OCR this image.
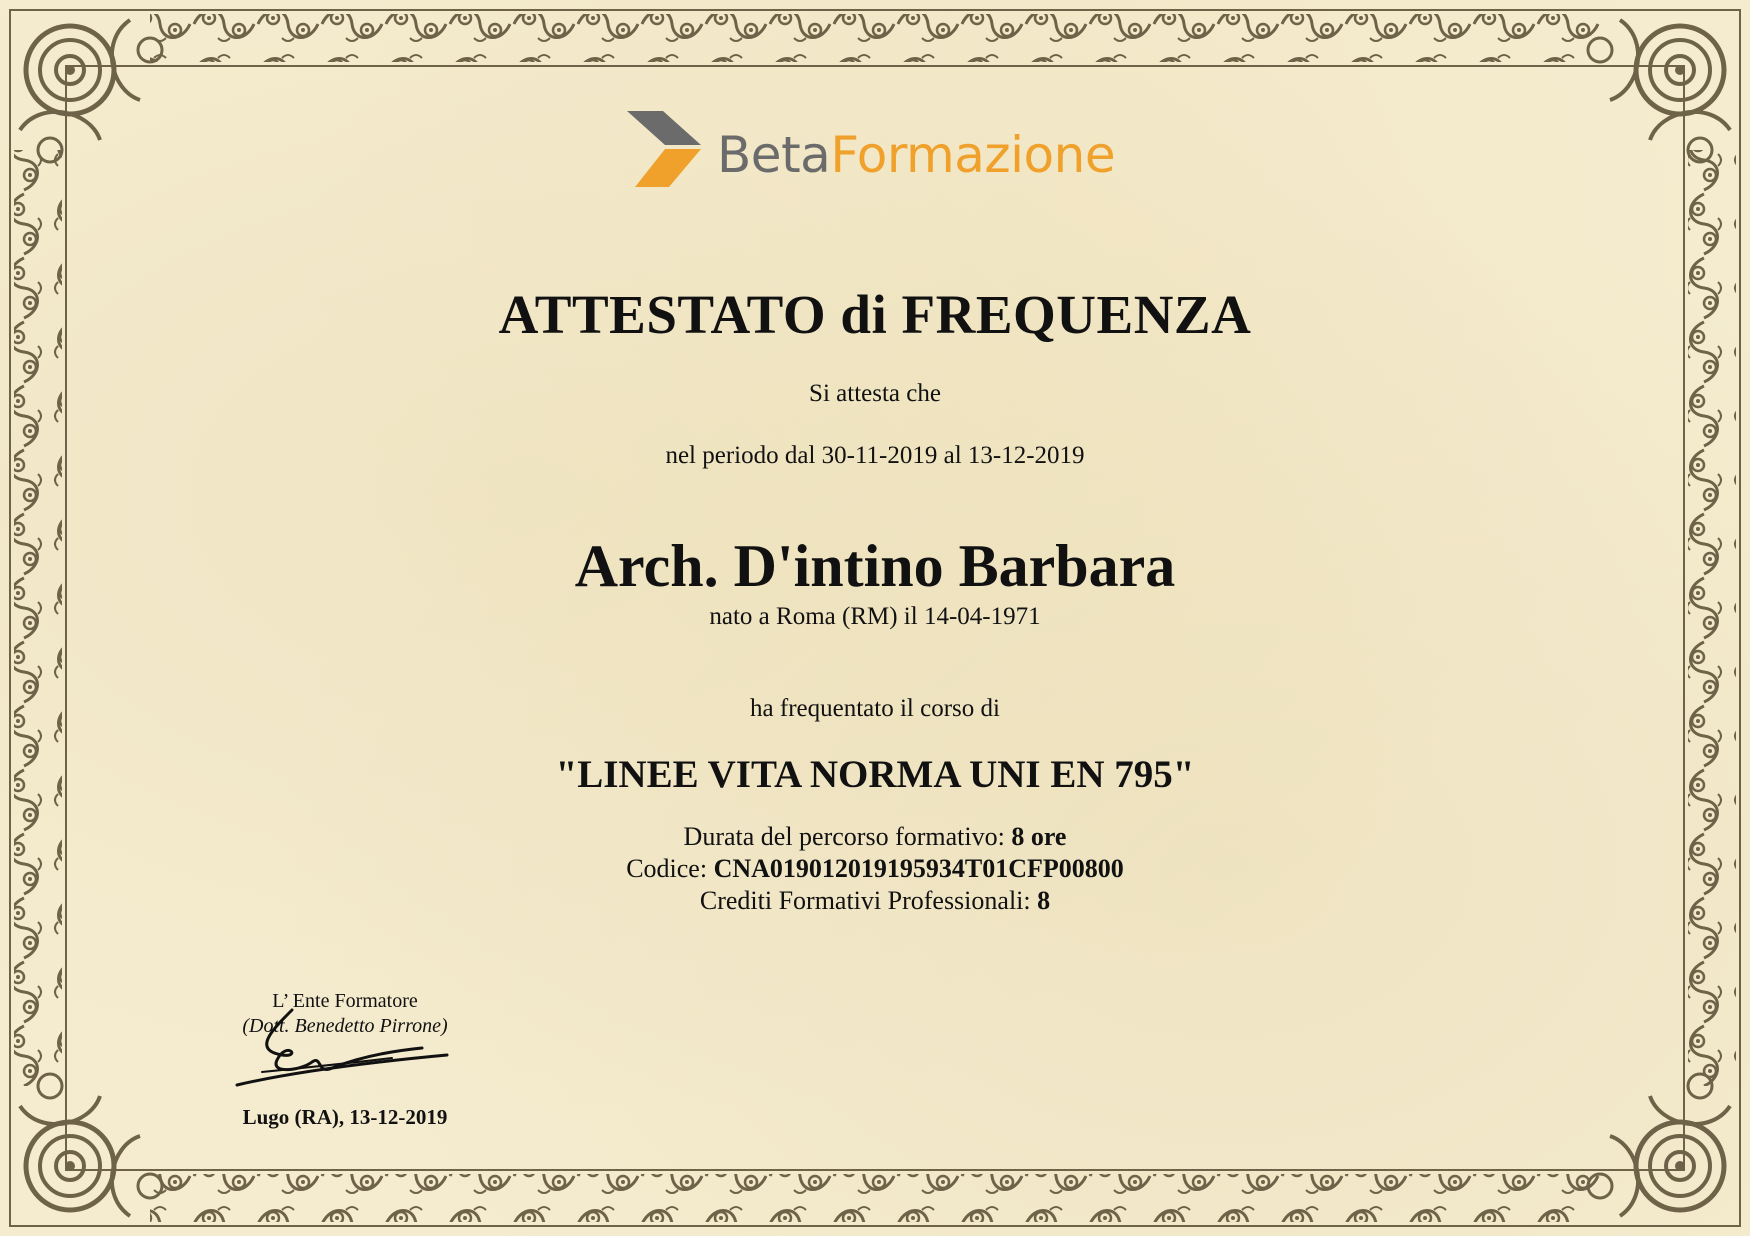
BetaFormazione
ATTESTATO di FREQUENZA
Si attesta che
nel periodo dal 30-11-2019 al 13-12-2019
Arch. D'intino Barbara
nato a Roma (RM) il 14-04-1971
ha frequentato il corso di
"LINEE VITA NORMA UNI EN 795"
Durata del percorso formativo: 8 ore
Codice: CNA019012019195934T01CFP00800
Crediti Formativi Professionali: 8
L’ Ente Formatore
(Dott. Benedetto Pirrone)
Lugo (RA), 13-12-2019
